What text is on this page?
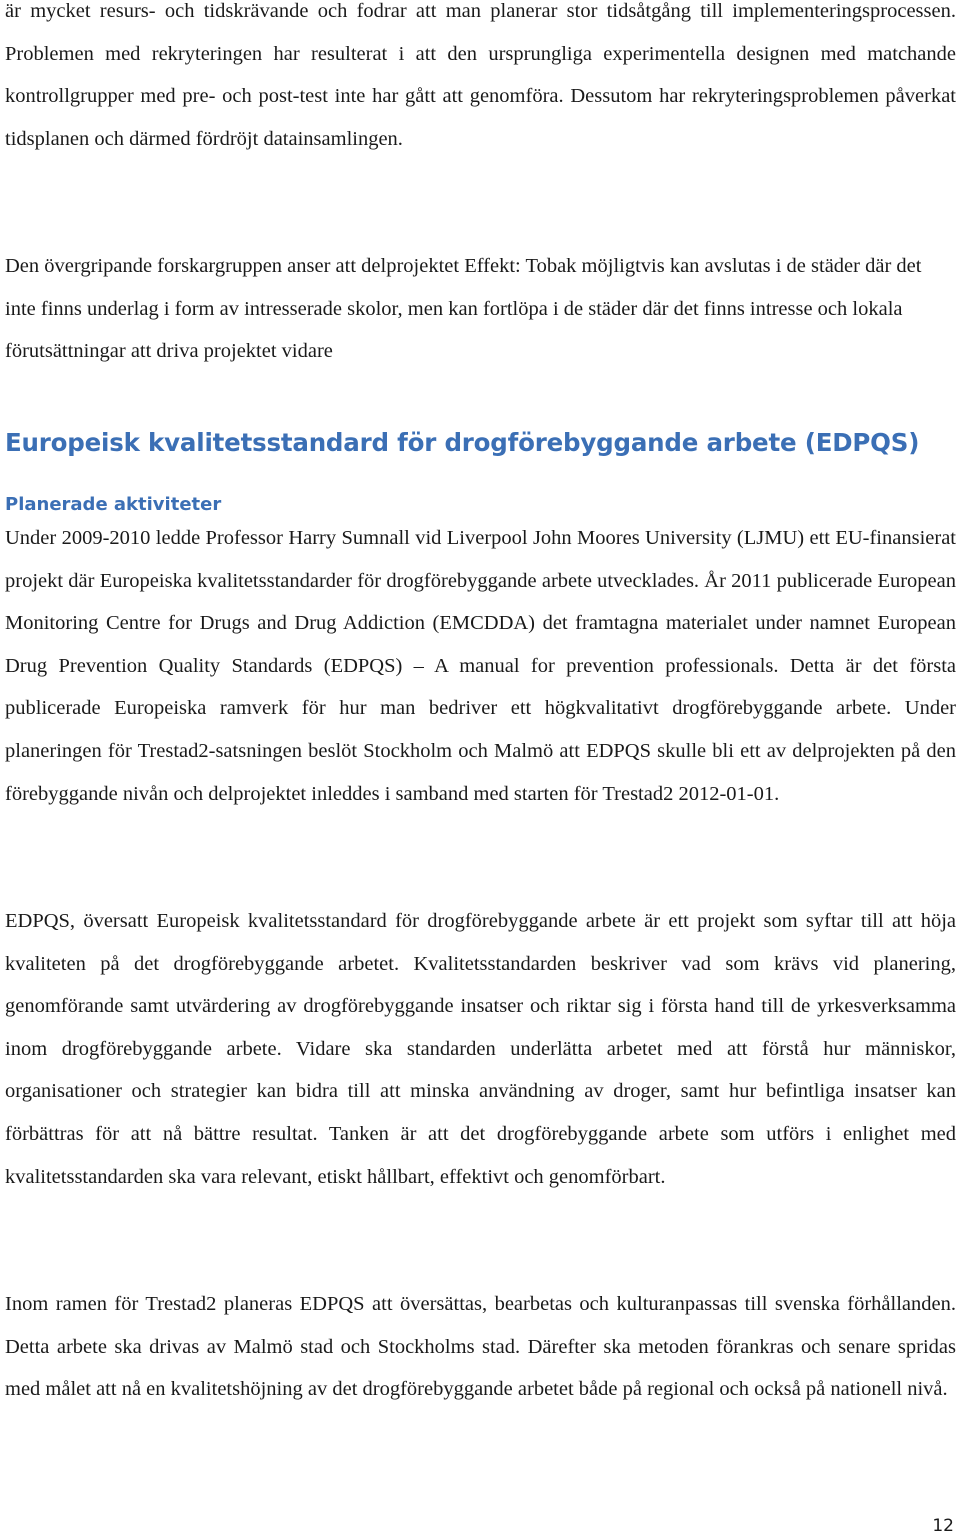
är mycket resurs- och tidskrävande och fodrar att man planerar stor tidsåtgång till implementeringsprocessen. Problemen med rekryteringen har resulterat i att den ursprungliga experimentella designen med matchande kontrollgrupper med pre- och post-test inte har gått att genomföra. Dessutom har rekryteringsproblemen påverkat tidsplanen och därmed fördröjt datainsamlingen.

Den övergripande forskargruppen anser att delprojektet Effekt: Tobak möjligtvis kan avslutas i de städer där det inte finns underlag i form av intresserade skolor, men kan fortlöpa i de städer där det finns intresse och lokala förutsättningar att driva projektet vidare

Europeisk kvalitetsstandard för drogförebyggande arbete (EDPQS)
Planerade aktiviteter

Under 2009-2010 ledde Professor Harry Sumnall vid Liverpool John Moores University (LJMU) ett EU-finansierat projekt där Europeiska kvalitetsstandarder för drogförebyggande arbete utvecklades. År 2011 publicerade European Monitoring Centre for Drugs and Drug Addiction (EMCDDA) det framtagna materialet under namnet European Drug Prevention Quality Standards (EDPQS) – A manual for prevention professionals. Detta är det första publicerade Europeiska ramverk för hur man bedriver ett högkvalitativt drogförebyggande arbete. Under planeringen för Trestad2-satsningen beslöt Stockholm och Malmö att EDPQS skulle bli ett av delprojekten på den förebyggande nivån och delprojektet inleddes i samband med starten för Trestad2 2012-01-01.

EDPQS, översatt Europeisk kvalitetsstandard för drogförebyggande arbete är ett projekt som syftar till att höja kvaliteten på det drogförebyggande arbetet. Kvalitetsstandarden beskriver vad som krävs vid planering, genomförande samt utvärdering av drogförebyggande insatser och riktar sig i första hand till de yrkesverksamma inom drogförebyggande arbete. Vidare ska standarden underlätta arbetet med att förstå hur människor, organisationer och strategier kan bidra till att minska användning av droger, samt hur befintliga insatser kan förbättras för att nå bättre resultat. Tanken är att det drogförebyggande arbete som utförs i enlighet med kvalitetsstandarden ska vara relevant, etiskt hållbart, effektivt och genomförbart.

Inom ramen för Trestad2 planeras EDPQS att översättas, bearbetas och kulturanpassas till svenska förhållanden. Detta arbete ska drivas av Malmö stad och Stockholms stad. Därefter ska metoden förankras och senare spridas med målet att nå en kvalitetshöjning av det drogförebyggande arbetet både på regional och också på nationell nivå.

12
